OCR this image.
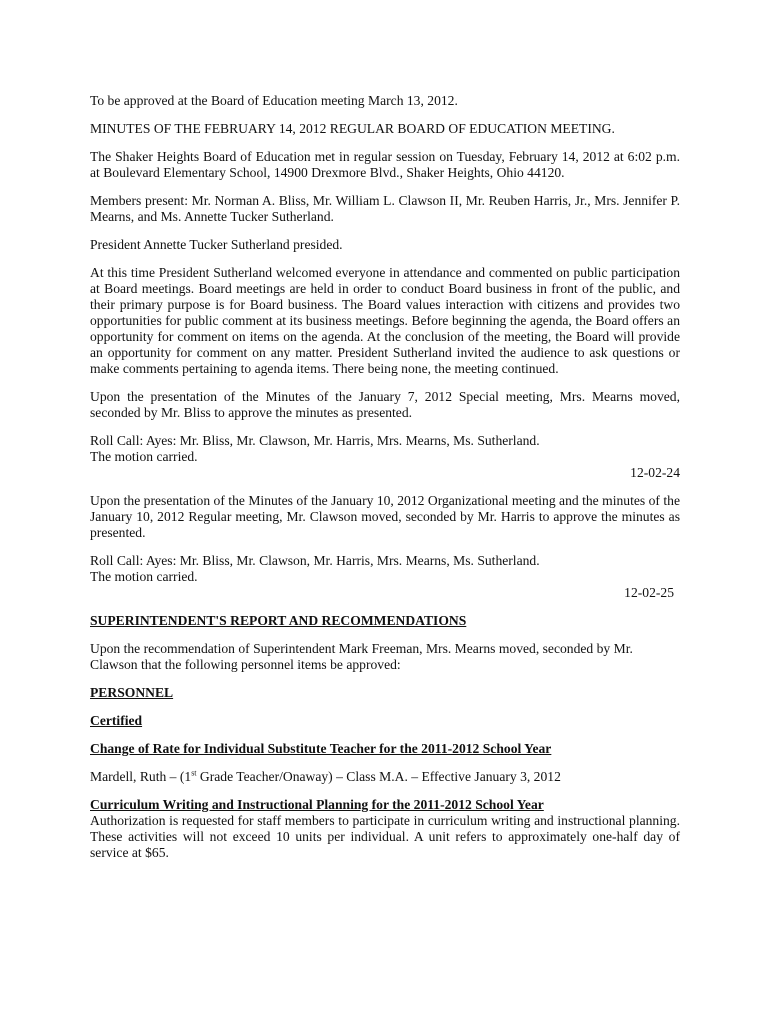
To be approved at the Board of Education meeting March 13, 2012.

MINUTES OF THE FEBRUARY 14, 2012 REGULAR BOARD OF EDUCATION MEETING.

The Shaker Heights Board of Education met in regular session on Tuesday, February 14, 2012 at 6:02 p.m. at Boulevard Elementary School, 14900 Drexmore Blvd., Shaker Heights, Ohio 44120.

Members present: Mr. Norman A. Bliss, Mr. William L. Clawson II, Mr. Reuben Harris, Jr., Mrs. Jennifer P. Mearns, and Ms. Annette Tucker Sutherland.

President Annette Tucker Sutherland presided.

At this time President Sutherland welcomed everyone in attendance and commented on public participation at Board meetings. Board meetings are held in order to conduct Board business in front of the public, and their primary purpose is for Board business. The Board values interaction with citizens and provides two opportunities for public comment at its business meetings. Before beginning the agenda, the Board offers an opportunity for comment on items on the agenda. At the conclusion of the meeting, the Board will provide an opportunity for comment on any matter. President Sutherland invited the audience to ask questions or make comments pertaining to agenda items. There being none, the meeting continued.

Upon the presentation of the Minutes of the January 7, 2012 Special meeting, Mrs. Mearns moved, seconded by Mr. Bliss to approve the minutes as presented.

Roll Call: Ayes: Mr. Bliss, Mr. Clawson, Mr. Harris, Mrs. Mearns, Ms. Sutherland.

The motion carried.

12-02-24

Upon the presentation of the Minutes of the January 10, 2012 Organizational meeting and the minutes of the January 10, 2012 Regular meeting, Mr. Clawson moved, seconded by Mr. Harris to approve the minutes as presented.

Roll Call: Ayes: Mr. Bliss, Mr. Clawson, Mr. Harris, Mrs. Mearns, Ms. Sutherland.

The motion carried.

12-02-25

SUPERINTENDENT'S REPORT AND RECOMMENDATIONS

Upon the recommendation of Superintendent Mark Freeman, Mrs. Mearns moved, seconded by Mr. Clawson that the following personnel items be approved:

PERSONNEL

Certified

Change of Rate for Individual Substitute Teacher for the 2011-2012 School Year

Mardell, Ruth – (1st Grade Teacher/Onaway) – Class M.A. – Effective January 3, 2012

Curriculum Writing and Instructional Planning for the 2011-2012 School Year

Authorization is requested for staff members to participate in curriculum writing and instructional planning. These activities will not exceed 10 units per individual. A unit refers to approximately one-half day of service at $65.
